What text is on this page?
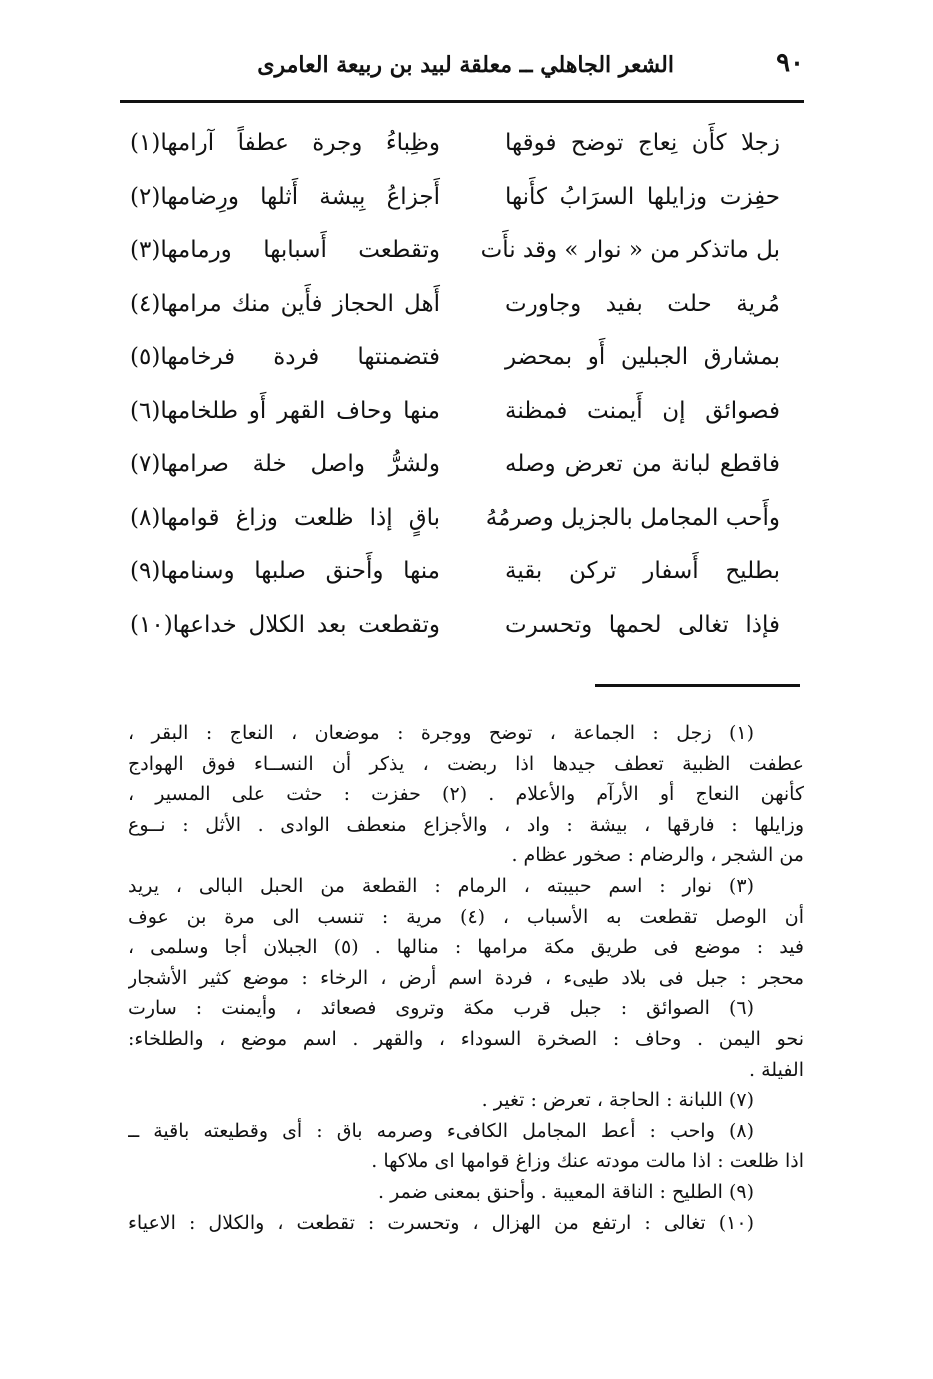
٩٠
الشعر الجاهلي ــ معلقة لبيد بن ربيعة العامرى
زجلا كأَن نِعاج توضح فوقها
وظِباءُ وجرة عطفاً آرامها(١)
حفِزت وزايلها السرَابُ كأَنها
أَجزاعُ بِيشة أَثلها ورِضامها(٢)
بل ماتذكر من « نوار » وقد نأَت
وتقطعت أَسبابها ورمامها(٣)
مُرية حلت بفيد وجاورت
أَهل الحجاز فأَين منك مرامها(٤)
بمشارق الجبلين أَو بمحضر
فتضمنتها فردة فرخامها(٥)
فصوائق إن أَيمنت فمظنة
منها وحاف القهر أَو طلخامها(٦)
فاقطع لبانة من تعرض وصله
ولشرُّ واصل خلة صرامها(٧)
وأَحب المجامل بالجزيل وصرمُهُ
باقٍ إذا ظلعت وزاغ قوامها(٨)
بطليح أَسفار تركن بقية
منها وأَحنق صلبها وسنامها(٩)
فإذا تغالى لحمها وتحسرت
وتقطعت بعد الكلال خداعها(١٠)
(١) زجل : الجماعة ، توضح ووجرة : موضعان ، النعاج : البقر ،
عطفت الظبية تعطف جيدها اذا ربضت ، يذكر أن النســاء فوق الهوادج
كأنهن النعاج أو الأرآم والأعلام . (٢) حفزت : حثت على المسير ،
وزايلها : فارقها ، بيشة : واد ، والأجزاع منعطف الوادى . الأثل : نــوع
من الشجر ، والرضام : صخور عظام .
(٣) نوار : اسم حبيبته ، الرمام : القطعة من الحبل البالى ، يريد
أن الوصل تقطعت به الأسباب ، (٤) مرية : تنسب الى مرة بن عوف
فيد : موضع فى طريق مكة مرامها : منالها . (٥) الجبلان أجا وسلمى ،
محجر : جبل فى بلاد طيىء ، فردة اسم أرض ، الرخاء : موضع كثير الأشجار
(٦) الصوائق : جبل قرب مكة وتروى فصعائد ، وأيمنت : سارت
نحو اليمن . وحاف : الصخرة السوداء ، والقهر . اسم موضع ، والطلخاء:
الفيلة .
(٧) اللبانة : الحاجة ، تعرض : تغير .
(٨) واحب : أعط المجامل الكافىء وصرمه باق : أى وقطيعته باقية ــ
اذا ظلعت : اذا مالت مودته عنك وزاغ قوامها اى ملاكها .
(٩) الطليح : الناقة المعيبة . وأحنق بمعنى ضمر .
(١٠) تغالى : ارتفع من الهزال ، وتحسرت : تقطعت ، والكلال : الاعياء
